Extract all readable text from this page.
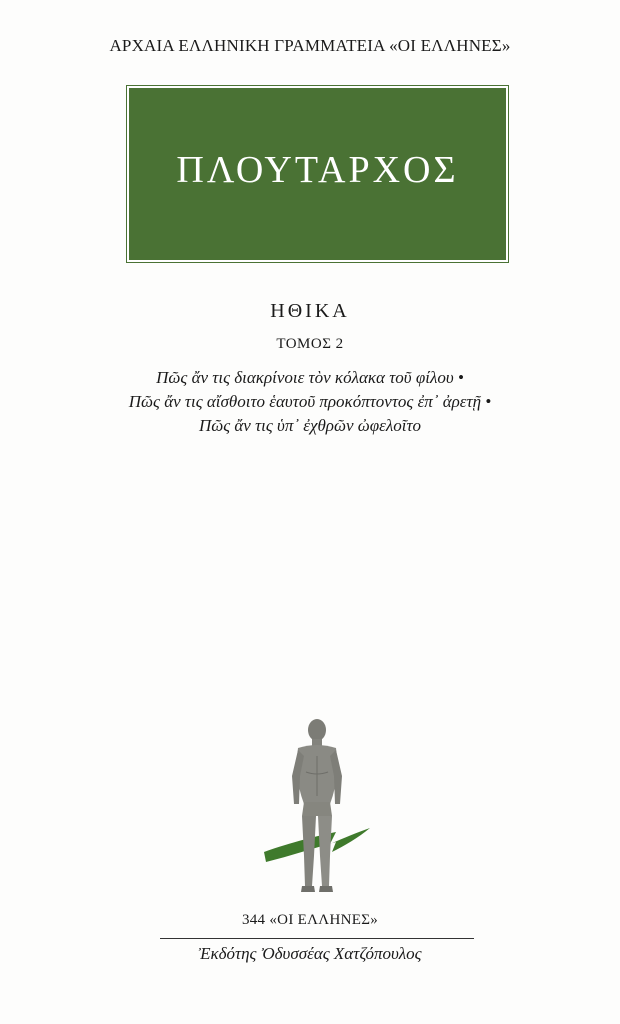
ΑΡΧΑΙΑ ΕΛΛΗΝΙΚΗ ΓΡΑΜΜΑΤΕΙΑ «ΟΙ ΕΛΛΗΝΕΣ»
ΠΛΟΥΤΑΡΧΟΣ
ΗΘΙΚΑ
ΤΟΜΟΣ 2
Πῶς ἄν τις διακρίνοιε τὸν κόλακα τοῦ φίλου •
Πῶς ἄν τις αἴσθοιτο ἑαυτοῦ προκόπτοντος ἐπ᾽ ἀρετῇ •
Πῶς ἄν τις ὑπ᾽ ἐχθρῶν ὠφελοῖτο
344 «ΟΙ ΕΛΛΗΝΕΣ»
Ἐκδότης Ὀδυσσέας Χατζόπουλος
